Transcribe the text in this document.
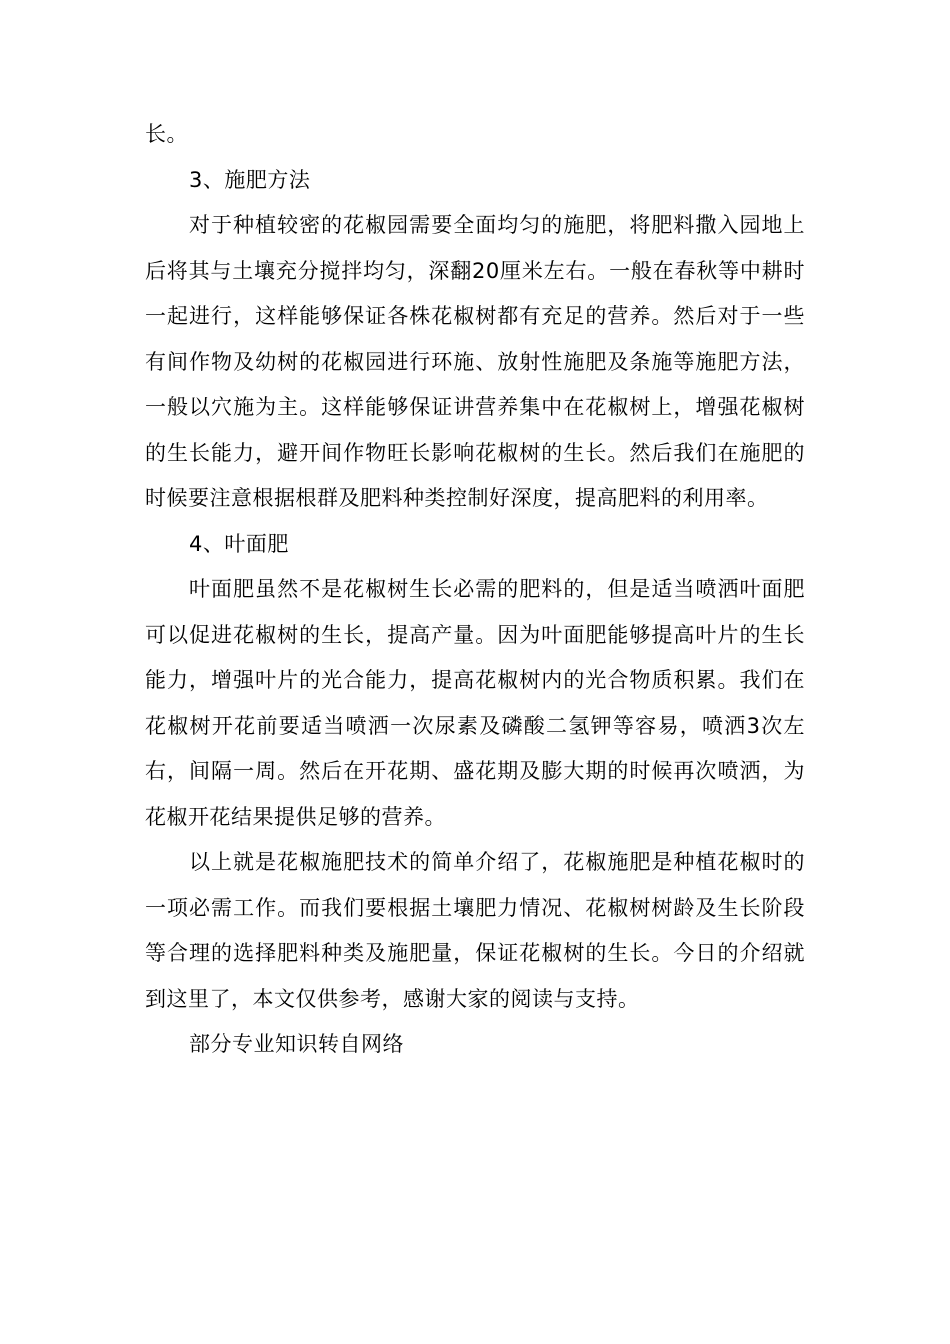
长。

3、施肥方法

对于种植较密的花椒园需要全面均匀的施肥，将肥料撒入园地上后将其与土壤充分搅拌均匀，深翻20厘米左右。一般在春秋等中耕时一起进行，这样能够保证各株花椒树都有充足的营养。然后对于一些有间作物及幼树的花椒园进行环施、放射性施肥及条施等施肥方法，一般以穴施为主。这样能够保证讲营养集中在花椒树上，增强花椒树的生长能力，避开间作物旺长影响花椒树的生长。然后我们在施肥的时候要注意根据根群及肥料种类控制好深度，提高肥料的利用率。

4、叶面肥

叶面肥虽然不是花椒树生长必需的肥料的，但是适当喷洒叶面肥可以促进花椒树的生长，提高产量。因为叶面肥能够提高叶片的生长能力，增强叶片的光合能力，提高花椒树内的光合物质积累。我们在花椒树开花前要适当喷洒一次尿素及磷酸二氢钾等容易，喷洒3次左右，间隔一周。然后在开花期、盛花期及膨大期的时候再次喷洒，为花椒开花结果提供足够的营养。

以上就是花椒施肥技术的简单介绍了，花椒施肥是种植花椒时的一项必需工作。而我们要根据土壤肥力情况、花椒树树龄及生长阶段等合理的选择肥料种类及施肥量，保证花椒树的生长。今日的介绍就到这里了，本文仅供参考，感谢大家的阅读与支持。

部分专业知识转自网络
